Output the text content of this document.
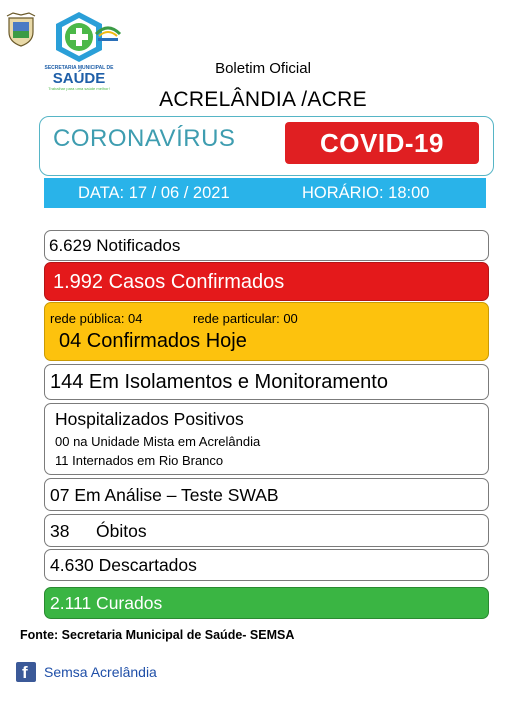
SECRETARIA MUNICIPAL DE
SAÚDE
Trabalhar para uma saúde melhor!
Boletim Oficial
ACRELÂNDIA /ACRE
CORONAVÍRUS	COVID-19
DATA: 17 / 06 / 2021	HORÁRIO: 18:00
6.629 Notificados
1.992 Casos Confirmados
rede pública: 04	rede particular: 00
04 Confirmados Hoje
144 Em Isolamentos e Monitoramento
Hospitalizados Positivos
00 na Unidade Mista em Acrelândia
11 Internados em Rio Branco
07 Em Análise – Teste SWAB
38 Óbitos
4.630 Descartados
2.111 Curados
Fonte: Secretaria Municipal de Saúde- SEMSA
f Semsa Acrelândia
